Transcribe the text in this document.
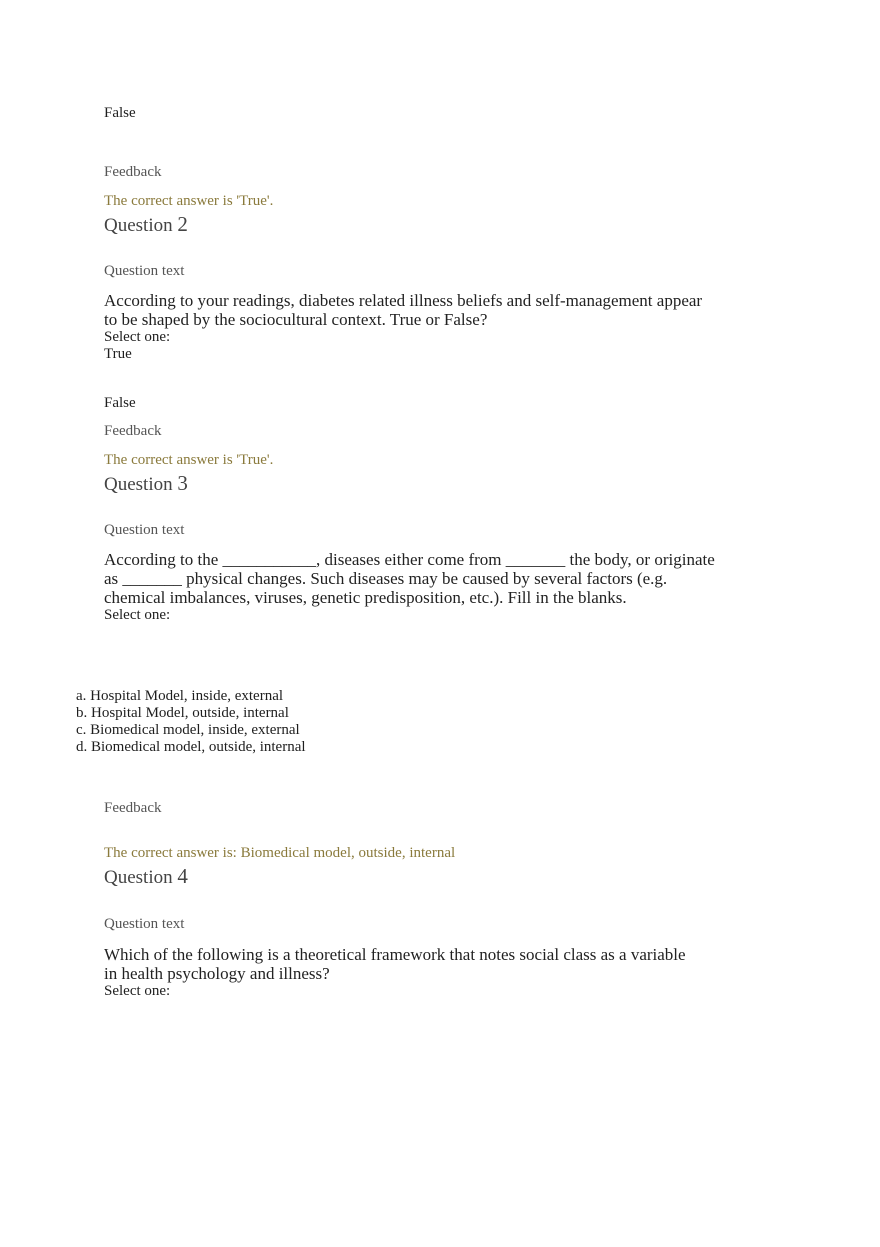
False
Feedback
The correct answer is 'True'.
Question 2
Question text
According to your readings, diabetes related illness beliefs and self-management appear
to be shaped by the sociocultural context. True or False?
Select one:
True
False
Feedback
The correct answer is 'True'.
Question 3
Question text
According to the ___________, diseases either come from _______ the body, or originate
as _______ physical changes. Such diseases may be caused by several factors (e.g.
chemical imbalances, viruses, genetic predisposition, etc.). Fill in the blanks.
Select one:
a. Hospital Model, inside, external
b. Hospital Model, outside, internal
c. Biomedical model, inside, external
d. Biomedical model, outside, internal
Feedback
The correct answer is: Biomedical model, outside, internal
Question 4
Question text
Which of the following is a theoretical framework that notes social class as a variable
in health psychology and illness?
Select one:
